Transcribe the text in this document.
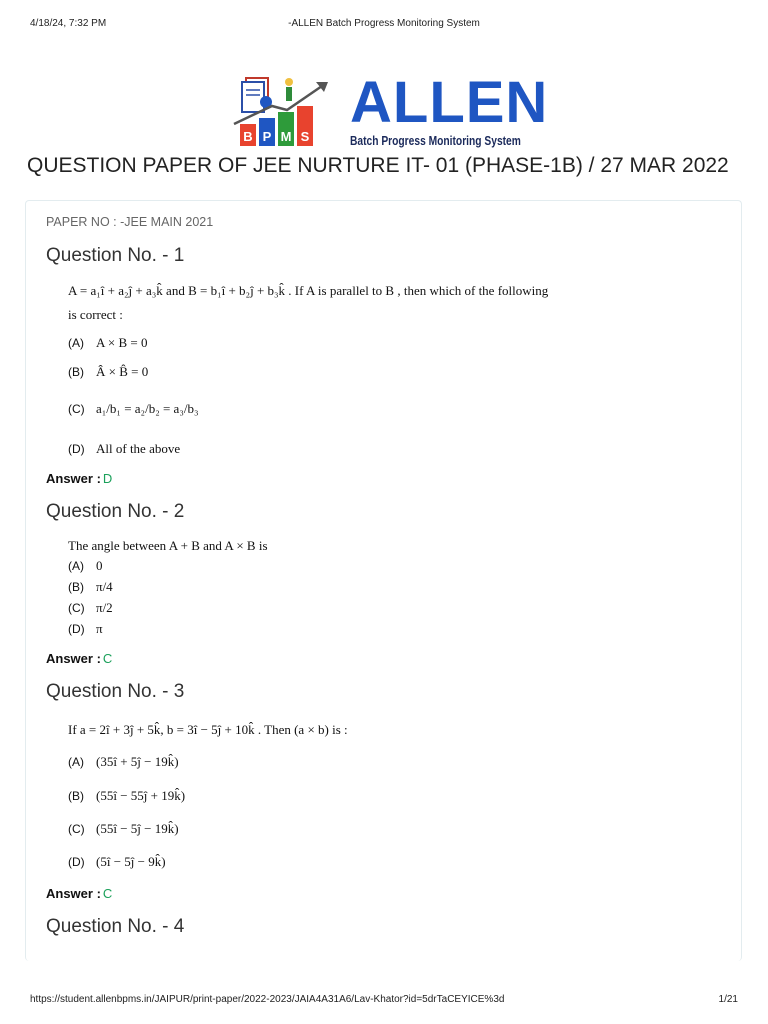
4/18/24, 7:32 PM	-ALLEN Batch Progress Monitoring System
B P M S
ALLEN
Batch Progress Monitoring System
QUESTION PAPER OF JEE NURTURE IT- 01 (PHASE-1B) / 27 MAR 2022
PAPER NO : -JEE MAIN 2021
Question No. - 1
A = a₁î + a₂ĵ + a₃k̂ and B = b₁î + b₂ĵ + b₃k̂ . If A is parallel to B , then which of the following
is correct :
(A) A × B = 0
(B) Â × B̂ = 0
(C) a₁/b₁ = a₂/b₂ = a₃/b₃
(D) All of the above
Answer : D
Question No. - 2
The angle between A + B and A × B is
(A) 0
(B) π/4
(C) π/2
(D) π
Answer : C
Question No. - 3
If a = 2î + 3ĵ + 5k̂, b = 3î − 5ĵ + 10k̂ . Then (a × b) is :
(A) (35î + 5ĵ − 19k̂)
(B) (55î − 55ĵ + 19k̂)
(C) (55î − 5ĵ − 19k̂)
(D) (5î − 5ĵ − 9k̂)
Answer : C
Question No. - 4
https://student.allenbpms.in/JAIPUR/print-paper/2022-2023/JAIA4A31A6/Lav-Khator?id=5drTaCEYICE%3d	1/21
